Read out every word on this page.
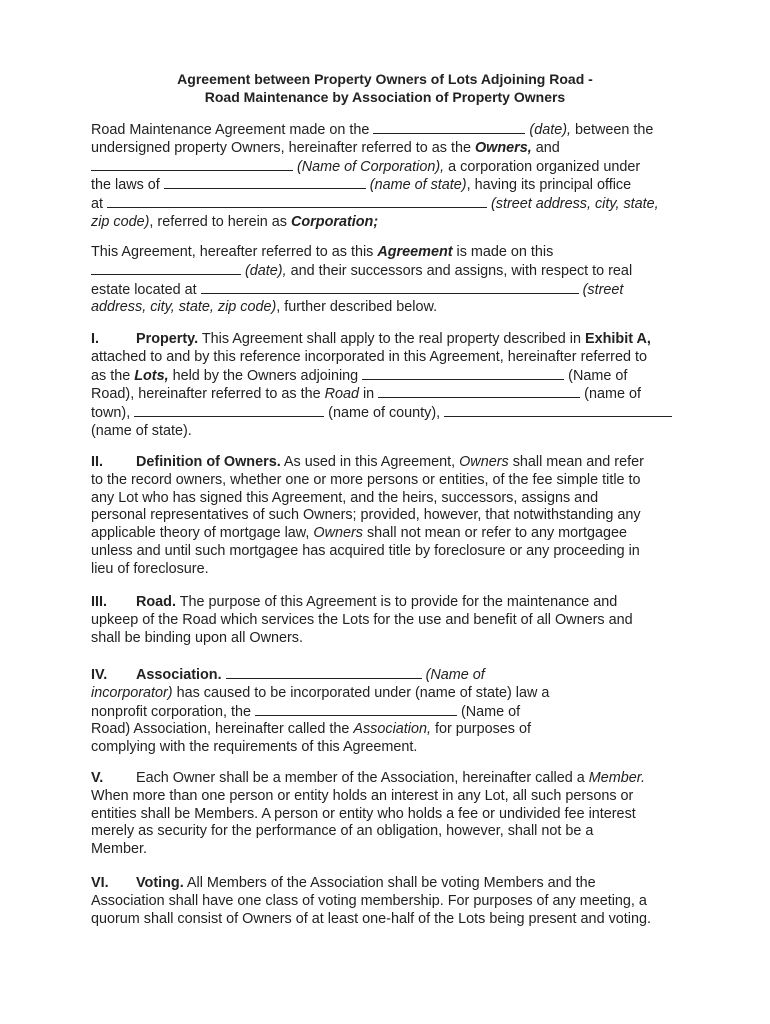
Agreement between Property Owners of Lots Adjoining Road -
Road Maintenance by Association of Property Owners
Road Maintenance Agreement made on the	(date), between the
undersigned property Owners, hereinafter referred to as the Owners, and
(Name of Corporation), a corporation organized under
the laws of	(name of state), having its principal office
at	(street address, city, state,
zip code), referred to herein as Corporation;
This Agreement, hereafter referred to as this Agreement is made on this
(date), and their successors and assigns, with respect to real
estate located at	(street
address, city, state, zip code), further described below.
I.	Property. This Agreement shall apply to the real property described in Exhibit A,
attached to and by this reference incorporated in this Agreement, hereinafter referred to
as the Lots, held by the Owners adjoining	(Name of
Road), hereinafter referred to as the Road in	(name of
town),	(name of county),
(name of state).
II. Definition of Owners. As used in this Agreement, Owners shall mean and refer
to the record owners, whether one or more persons or entities, of the fee simple title to
any Lot who has signed this Agreement, and the heirs, successors, assigns and
personal representatives of such Owners; provided, however, that notwithstanding any
applicable theory of mortgage law, Owners shall not mean or refer to any mortgagee
unless and until such mortgagee has acquired title by foreclosure or any proceeding in
lieu of foreclosure.
III. Road. The purpose of this Agreement is to provide for the maintenance and
upkeep of the Road which services the Lots for the use and benefit of all Owners and
shall be binding upon all Owners.
IV. Association.	(Name of
incorporator) has caused to be incorporated under (name of state) law a
nonprofit corporation, the	(Name of
Road) Association, hereinafter called the Association, for purposes of
complying with the requirements of this Agreement.
V. Each Owner shall be a member of the Association, hereinafter called a Member.
When more than one person or entity holds an interest in any Lot, all such persons or
entities shall be Members. A person or entity who holds a fee or undivided fee interest
merely as security for the performance of an obligation, however, shall not be a
Member.
VI. Voting. All Members of the Association shall be voting Members and the
Association shall have one class of voting membership. For purposes of any meeting, a
quorum shall consist of Owners of at least one-half of the Lots being present and voting.
